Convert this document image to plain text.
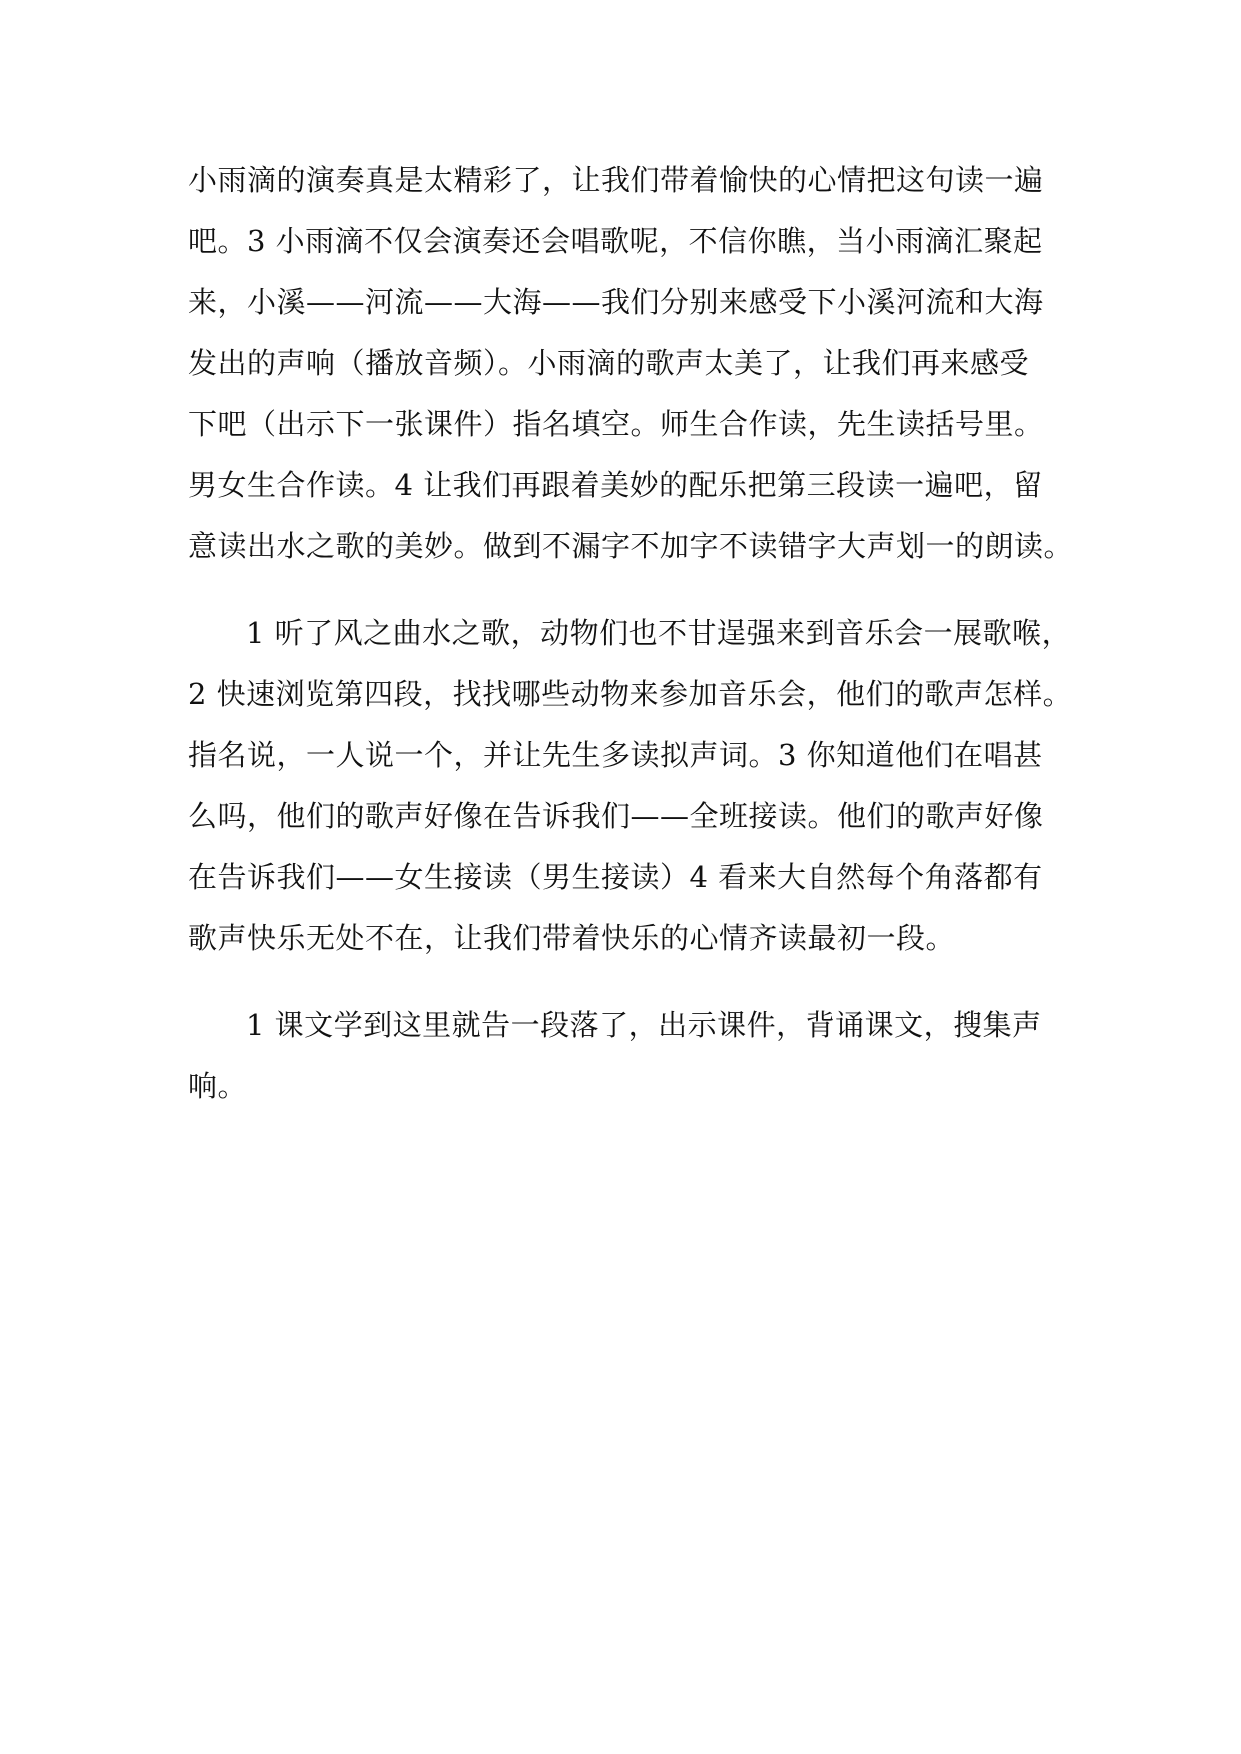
小雨滴的演奏真是太精彩了，让我们带着愉快的心情把这句读一遍
吧。3 小雨滴不仅会演奏还会唱歌呢，不信你瞧，当小雨滴汇聚起
来，小溪——河流——大海——我们分别来感受下小溪河流和大海
发出的声响（播放音频）。小雨滴的歌声太美了，让我们再来感受
下吧（出示下一张课件）指名填空。师生合作读，先生读括号里。
男女生合作读。4 让我们再跟着美妙的配乐把第三段读一遍吧，留
意读出水之歌的美妙。做到不漏字不加字不读错字大声划一的朗读。
1 听了风之曲水之歌，动物们也不甘逞强来到音乐会一展歌喉，
2 快速浏览第四段，找找哪些动物来参加音乐会，他们的歌声怎样。
指名说，一人说一个，并让先生多读拟声词。3 你知道他们在唱甚
么吗，他们的歌声好像在告诉我们——全班接读。他们的歌声好像
在告诉我们——女生接读（男生接读）4 看来大自然每个角落都有
歌声快乐无处不在，让我们带着快乐的心情齐读最初一段。
1 课文学到这里就告一段落了，出示课件，背诵课文，搜集声
响。
